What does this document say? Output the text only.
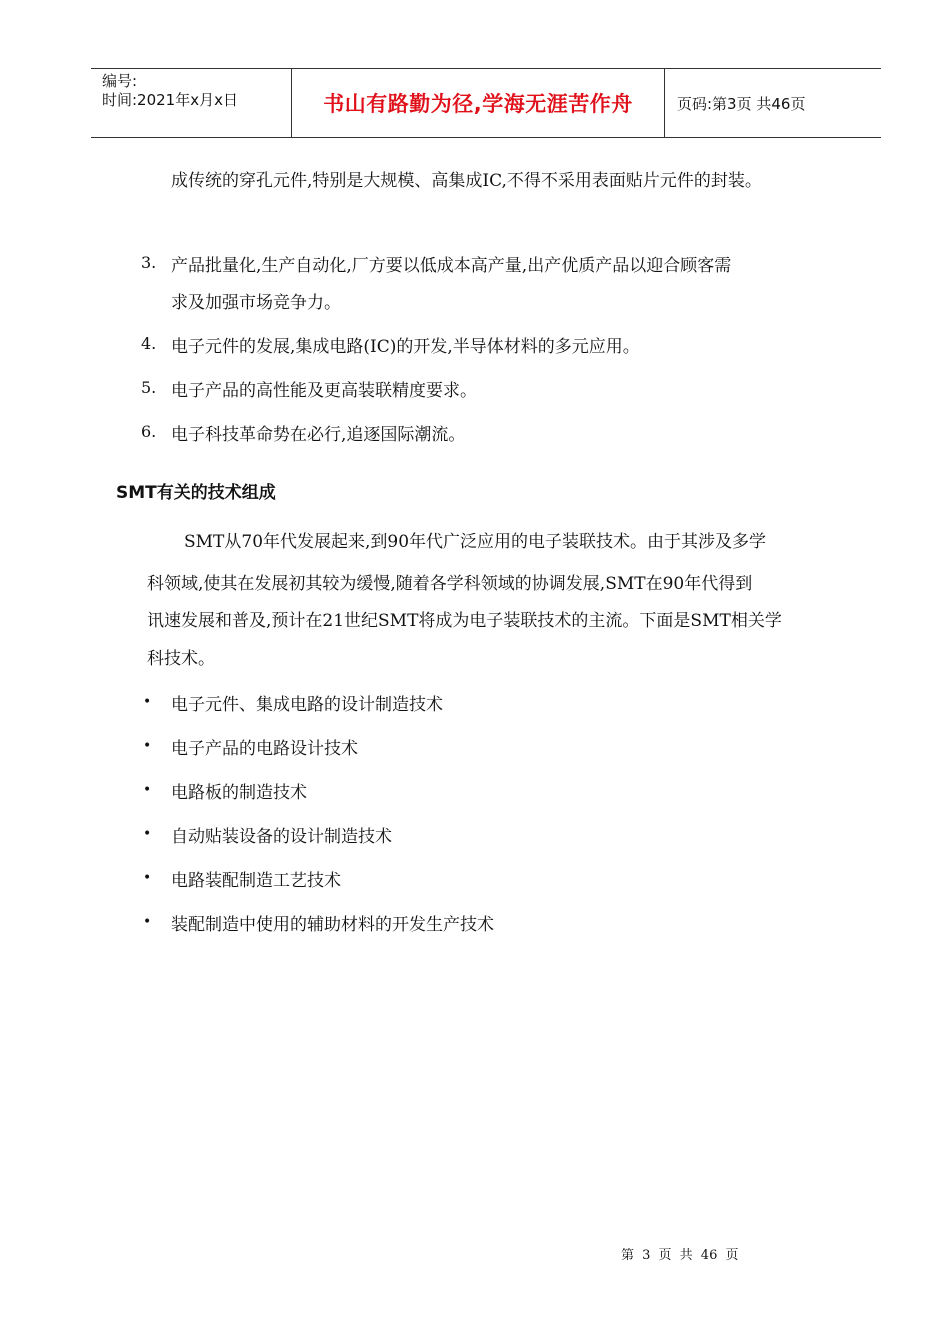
编号:
时间:2021年x月x日	书山有路勤为径,学海无涯苦作舟	页码:第3页 共46页
成传统的穿孔元件,特别是大规模、高集成IC,不得不采用表面贴片元件的封装。
3. 产品批量化,生产自动化,厂方要以低成本高产量,出产优质产品以迎合顾客需
求及加强市场竞争力。
4. 电子元件的发展,集成电路(IC)的开发,半导体材料的多元应用。
5. 电子产品的高性能及更高装联精度要求。
6. 电子科技革命势在必行,追逐国际潮流。
SMT有关的技术组成
SMT从70年代发展起来,到90年代广泛应用的电子装联技术。由于其涉及多学
科领域,使其在发展初其较为缓慢,随着各学科领域的协调发展,SMT在90年代得到
讯速发展和普及,预计在21世纪SMT将成为电子装联技术的主流。下面是SMT相关学
科技术。
• 电子元件、集成电路的设计制造技术
• 电子产品的电路设计技术
• 电路板的制造技术
• 自动贴装设备的设计制造技术
• 电路装配制造工艺技术
• 装配制造中使用的辅助材料的开发生产技术
第 3 页 共 46 页
